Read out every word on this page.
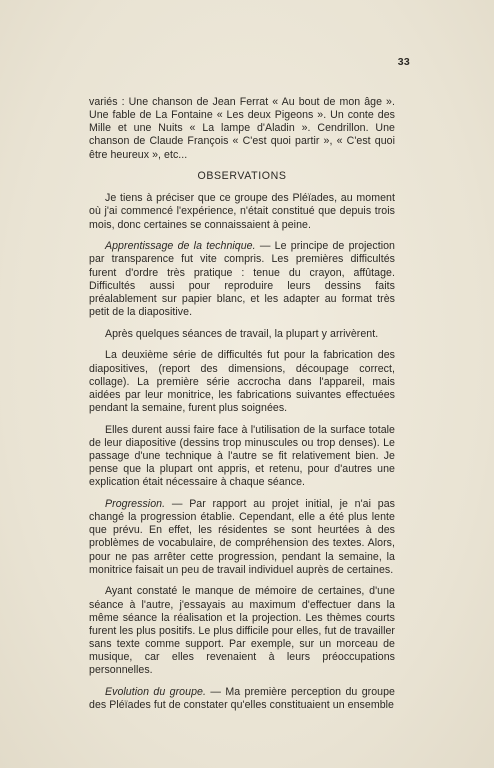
33

variés : Une chanson de Jean Ferrat « Au bout de mon âge ». Une fable de La Fontaine « Les deux Pigeons ». Un conte des Mille et une Nuits « La lampe d'Aladin ». Cendrillon. Une chanson de Claude François « C'est quoi partir », « C'est quoi être heureux », etc...

OBSERVATIONS

Je tiens à préciser que ce groupe des Pléïades, au moment où j'ai commencé l'expérience, n'était constitué que depuis trois mois, donc certaines se connaissaient à peine.

Apprentissage de la technique. — Le principe de projection par transparence fut vite compris. Les premières difficultés furent d'ordre très pratique : tenue du crayon, affûtage. Difficultés aussi pour reproduire leurs dessins faits préalablement sur papier blanc, et les adapter au format très petit de la diapositive.

Après quelques séances de travail, la plupart y arrivèrent.

La deuxième série de difficultés fut pour la fabrication des diapositives, (report des dimensions, découpage correct, collage). La première série accrocha dans l'appareil, mais aidées par leur monitrice, les fabrications suivantes effectuées pendant la semaine, furent plus soignées.

Elles durent aussi faire face à l'utilisation de la surface totale de leur diapositive (dessins trop minuscules ou trop denses). Le passage d'une technique à l'autre se fit relativement bien. Je pense que la plupart ont appris, et retenu, pour d'autres une explication était nécessaire à chaque séance.

Progression. — Par rapport au projet initial, je n'ai pas changé la progression établie. Cependant, elle a été plus lente que prévu. En effet, les résidentes se sont heurtées à des problèmes de vocabulaire, de compréhension des textes. Alors, pour ne pas arrêter cette progression, pendant la semaine, la monitrice faisait un peu de travail individuel auprès de certaines.

Ayant constaté le manque de mémoire de certaines, d'une séance à l'autre, j'essayais au maximum d'effectuer dans la même séance la réalisation et la projection. Les thèmes courts furent les plus positifs. Le plus difficile pour elles, fut de travailler sans texte comme support. Par exemple, sur un morceau de musique, car elles revenaient à leurs préoccupations personnelles.

Evolution du groupe. — Ma première perception du groupe des Pléïades fut de constater qu'elles constituaient un ensemble
